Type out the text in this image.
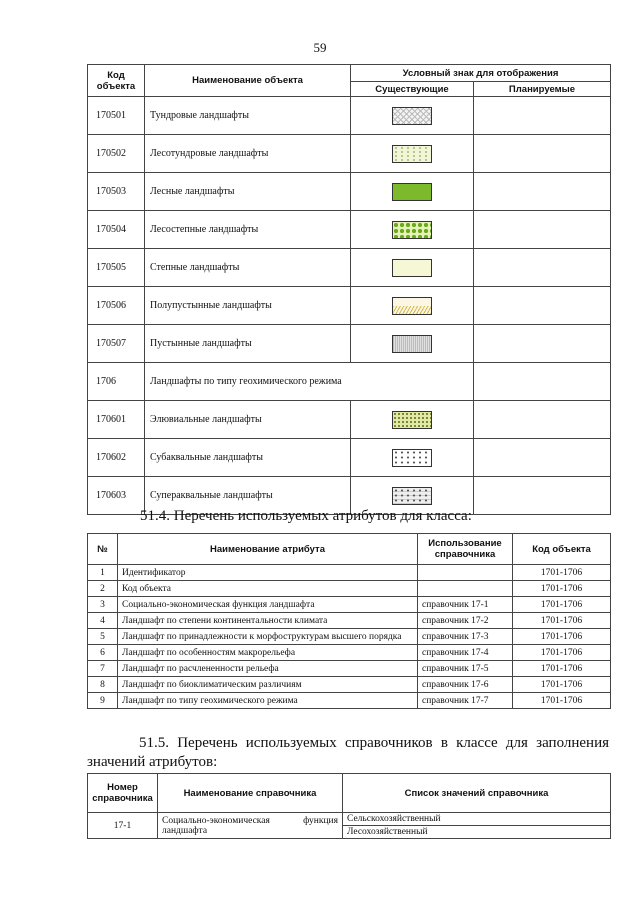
59
Код объекта	Наименование объекта	Условный знак для отображения	
		Существующие	Планируемые
170501	Тундровые ландшафты		
170502	Лесотундровые ландшафты		
170503	Лесные ландшафты		
170504	Лесостепные ландшафты		
170505	Степные ландшафты		
170506	Полупустынные ландшафты		
170507	Пустынные ландшафты		
1706	Ландшафты по типу геохимического режима		
170601	Элювиальные ландшафты		
170602	Субаквальные ландшафты		
170603	Супераквальные ландшафты		
51.4. Перечень используемых атрибутов для класса:
№	Наименование атрибута	Использование справочника	Код объекта
1	Идентификатор		1701-1706
2	Код объекта		1701-1706
3	Социально-экономическая функция ландшафта	справочник 17-1	1701-1706
4	Ландшафт по степени континентальности климата	справочник 17-2	1701-1706
5	Ландшафт по принадлежности к морфоструктурам высшего порядка	справочник 17-3	1701-1706
6	Ландшафт по особенностям макрорельефа	справочник 17-4	1701-1706
7	Ландшафт по расчлененности рельефа	справочник 17-5	1701-1706
8	Ландшафт по биоклиматическим различиям	справочник 17-6	1701-1706
9	Ландшафт по типу геохимического режима	справочник 17-7	1701-1706
51.5. Перечень используемых справочников в классе для заполнения значений атрибутов:
Номер справочника	Наименование справочника	Список значений справочника
17-1	Социально-экономическая функция ландшафта	Сельскохозяйственный
		Лесохозяйственный
